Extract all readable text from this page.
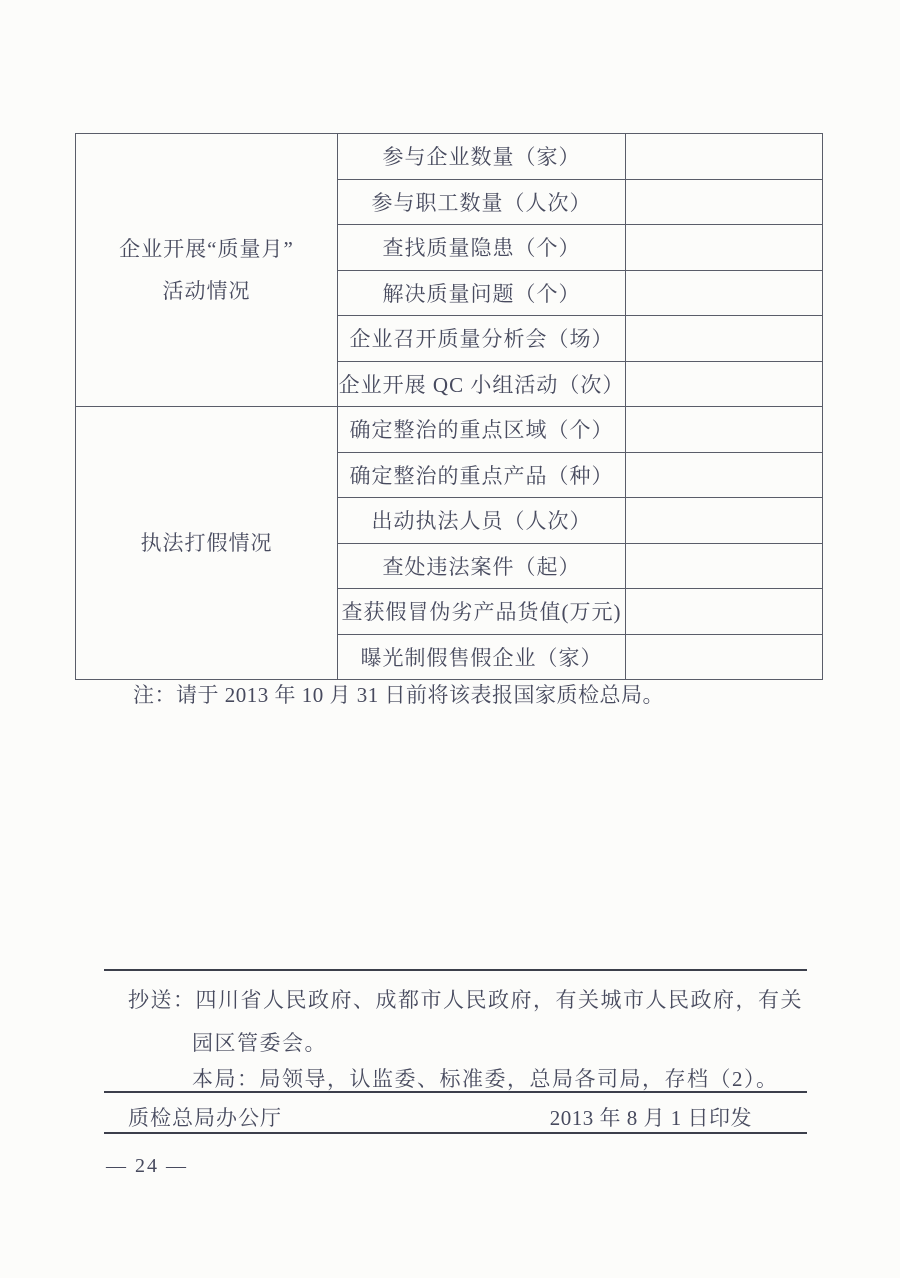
企业开展“质量月”
活动情况	参与企业数量（家）	
	参与职工数量（人次）	
	查找质量隐患（个）	
	解决质量问题（个）	
	企业召开质量分析会（场）	
	企业开展 QC 小组活动（次）	

执法打假情况	确定整治的重点区域（个）	
	确定整治的重点产品（种）	
	出动执法人员（人次）	
	查处违法案件（起）	
	查获假冒伪劣产品货值(万元)	
	曝光制假售假企业（家）	
注：请于 2013 年 10 月 31 日前将该表报国家质检总局。
抄送：四川省人民政府、成都市人民政府，有关城市人民政府，有关
园区管委会。
本局：局领导，认监委、标准委，总局各司局，存档（2）。
质检总局办公厅	2013 年 8 月 1 日印发
— 24 —
